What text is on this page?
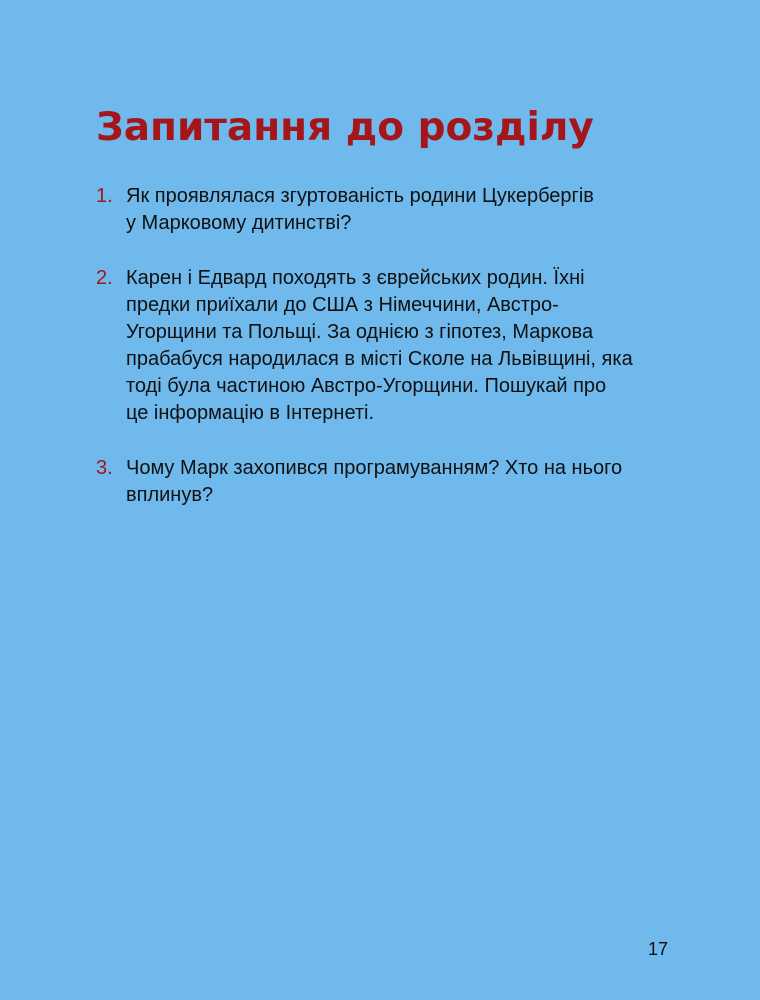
Запитання до розділу
1. Як проявлялася згуртованість родини Цукербергів
у Марковому дитинстві?

2. Карен і Едвард походять з єврейських родин. Їхні
предки приїхали до США з Німеччини, Австро-
Угорщини та Польщі. За однією з гіпотез, Маркова
прабабуся народилася в місті Сколе на Львівщині, яка
тоді була частиною Австро-Угорщини. Пошукай про
це інформацію в Інтернеті.

3. Чому Марк захопився програмуванням? Хто на нього
вплинув?

17
